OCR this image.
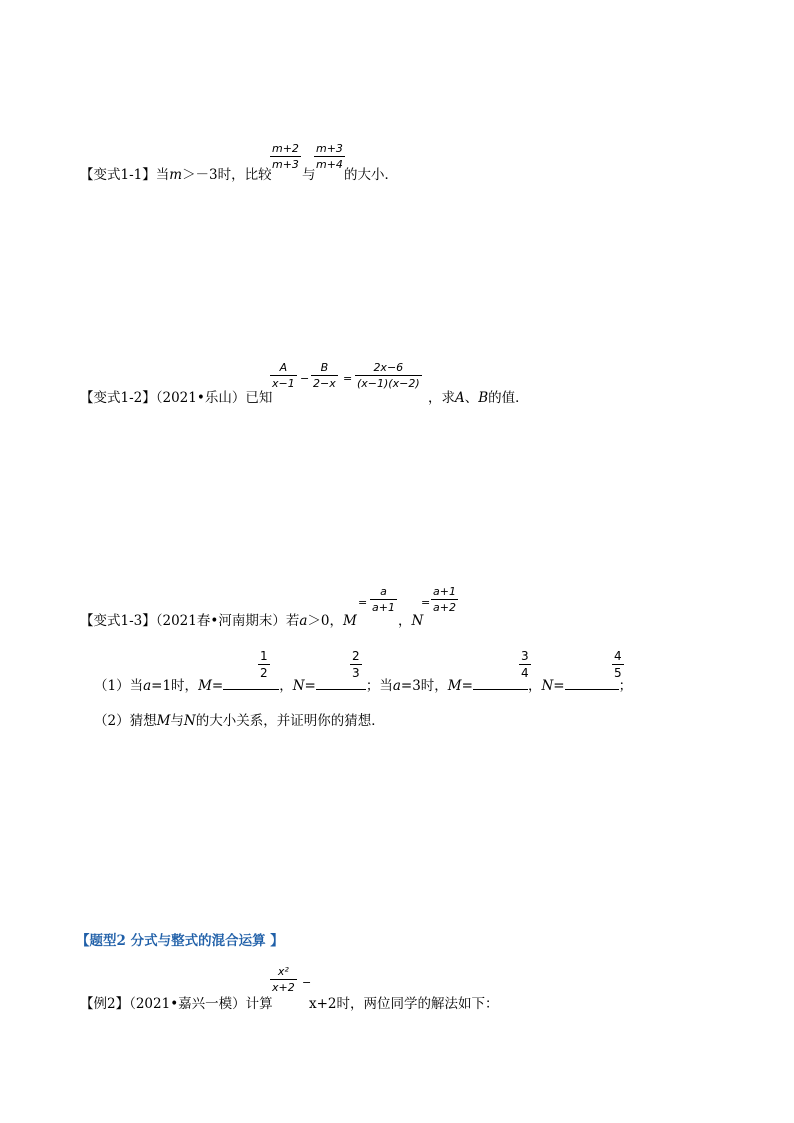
【变式1-1】当m＞－3时，比较
$\frac{m+2}{m+3}$
与
$\frac{m+3}{m+4}$
的大小．
【变式1-2】（2021•乐山）已知
$\frac{A}{x-1} - \frac{B}{2-x} = \frac{2x-6}{(x-1)(x-2)}$
，求A、B的值．
【变式1-3】（2021春•河南期末）若a＞0，M
= $\frac{a}{a+1}$
，N
= $\frac{a+1}{a+2}$
（1）当a=1时，M=	，N=	；当a=3时，M=	，N=	；
$\frac{1}{2}$	$\frac{2}{3}$	$\frac{3}{4}$	$\frac{4}{5}$
（2）猜想M与N的大小关系，并证明你的猜想．
【题型2 分式与整式的混合运算 】
【例2】（2021•嘉兴一模）计算
$\frac{\text{x²}}{x+2}$ −
x+2时，两位同学的解法如下：
